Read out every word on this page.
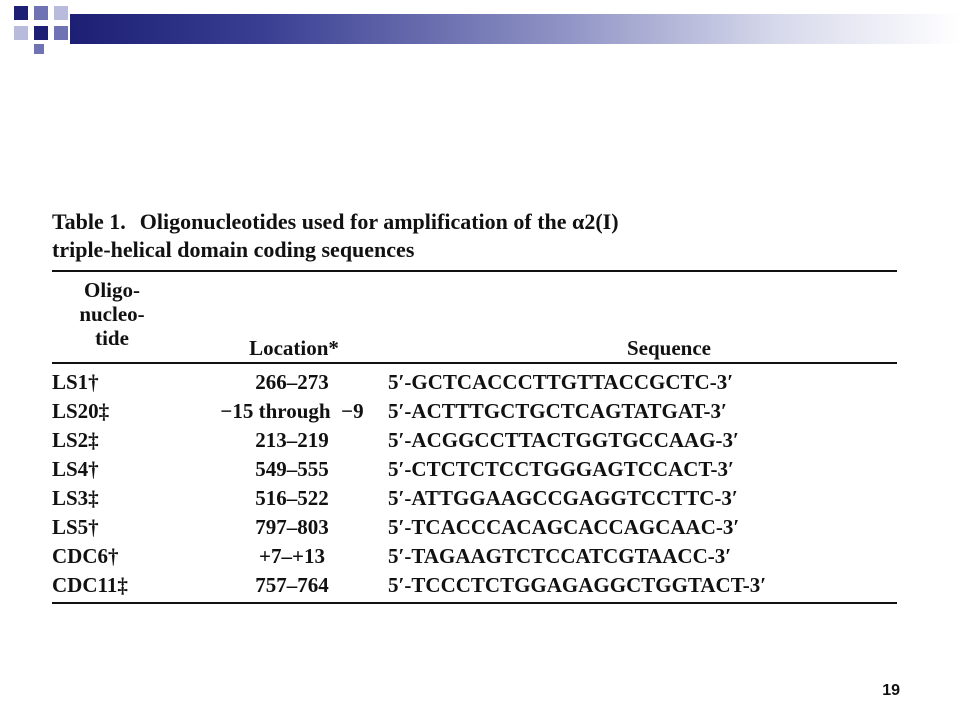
Table 1. Oligonucleotides used for amplification of the α2(I)
triple-helical domain coding sequences
Oligo-
nucleo-
tide	Location*	Sequence
LS1†	266–273	5′-GCTCACCCTTGTTACCGCTC-3′
LS20‡	−15 through  −9	5′-ACTTTGCTGCTCAGTATGAT-3′
LS2‡	213–219	5′-ACGGCCTTACTGGTGCCAAG-3′
LS4†	549–555	5′-CTCTCTCCTGGGAGTCCACT-3′
LS3‡	516–522	5′-ATTGGAAGCCGAGGTCCTTC-3′
LS5†	797–803	5′-TCACCCACAGCACCAGCAAC-3′
CDC6†	+7–+13	5′-TAGAAGTCTCCATCGTAACC-3′
CDC11‡	757–764	5′-TCCCTCTGGAGAGGCTGGTACT-3′
19
